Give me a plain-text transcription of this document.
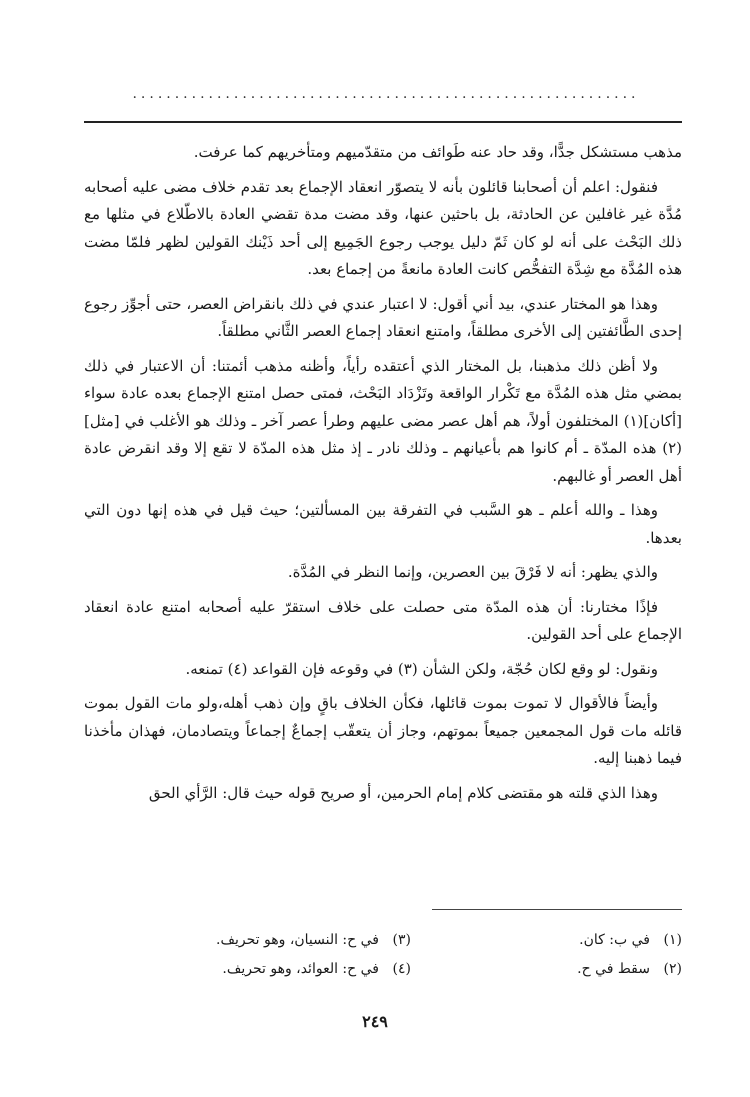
............................................................

مذهب مستشكل جدًّا، وقد حاد عنه طَوائف من متقدّميهم ومتأخريهم كما عرفت.

فنقول: اعلم أن أصحابنا قائلون بأنه لا يتصوّر انعقاد الإجماع بعد تقدم خلاف مضى عليه أصحابه مُدَّة غير غافلين عن الحادثة، بل باحثين عنها، وقد مضت مدة تقضي العادة بالاطّلاع في مثلها مع ذلك البَحْث على أنه لو كان ثَمّ دليل يوجب رجوع الجَمِيع إلى أحد ذَيْنك القولين لظهر فلمّا مضت هذه المُدَّة مع شِدَّة التفحُّص كانت العادة مانعةً من إجماع بعد.

وهذا هو المختار عندي، بيد أني أقول: لا اعتبار عندي في ذلك بانقراض العصر، حتى أجوِّز رجوع إحدى الطَّائفتين إلى الأخرى مطلقاً، وامتنع انعقاد إجماع العصر الثَّاني مطلقاً.

ولا أظن ذلك مذهبنا، بل المختار الذي أعتقده رأياً، وأظنه مذهب أئمتنا: أن الاعتبار في ذلك بمضي مثل هذه المُدَّة مع تَكْرار الواقعة وتَزْدَاد البَحْث، فمتى حصل امتنع الإجماع بعده عادة سواء [أكان](١) المختلفون أولاً، هم أهل عصر مضى عليهم وطرأ عصر آخر ـ وذلك هو الأغلب في [مثل](٢) هذه المدّة ـ أم كانوا هم بأعيانهم ـ وذلك نادر ـ إذ مثل هذه المدّة لا تقع إلا وقد انقرض عادة أهل العصر أو غالبهم.

وهذا ـ والله أعلم ـ هو السَّبب في التفرقة بين المسألتين؛ حيث قيل في هذه إنها دون التي بعدها.

والذي يظهر: أنه لا فَرْقَ بين العصرين، وإنما النظر في المُدَّة.

فإذًا مختارنا: أن هذه المدّة متى حصلت على خلاف استقرّ عليه أصحابه امتنع عادة انعقاد الإجماع على أحد القولين.

ونقول: لو وقع لكان حُجّة، ولكن الشأن (٣) في وقوعه فإن القواعد (٤) تمنعه.

وأيضاً فالأقوال لا تموت بموت قائلها، فكأن الخلاف باقٍ وإن ذهب أهله،ولو مات القول بموت قائله مات قول المجمعين جميعاً بموتهم، وجاز أن يتعقّب إجماعٌ إجماعاً ويتصادمان، فهذان مأخذنا فيما ذهبنا إليه.

وهذا الذي قلته هو مقتضى كلام إمام الحرمين، أو صريح قوله حيث قال: الرَّأي الحق

(١)
في ب: كان.
(٣)
في ح: النسيان، وهو تحريف.
(٢)
سقط في ح.
(٤)
في ح: العوائد، وهو تحريف.
٢٤٩
